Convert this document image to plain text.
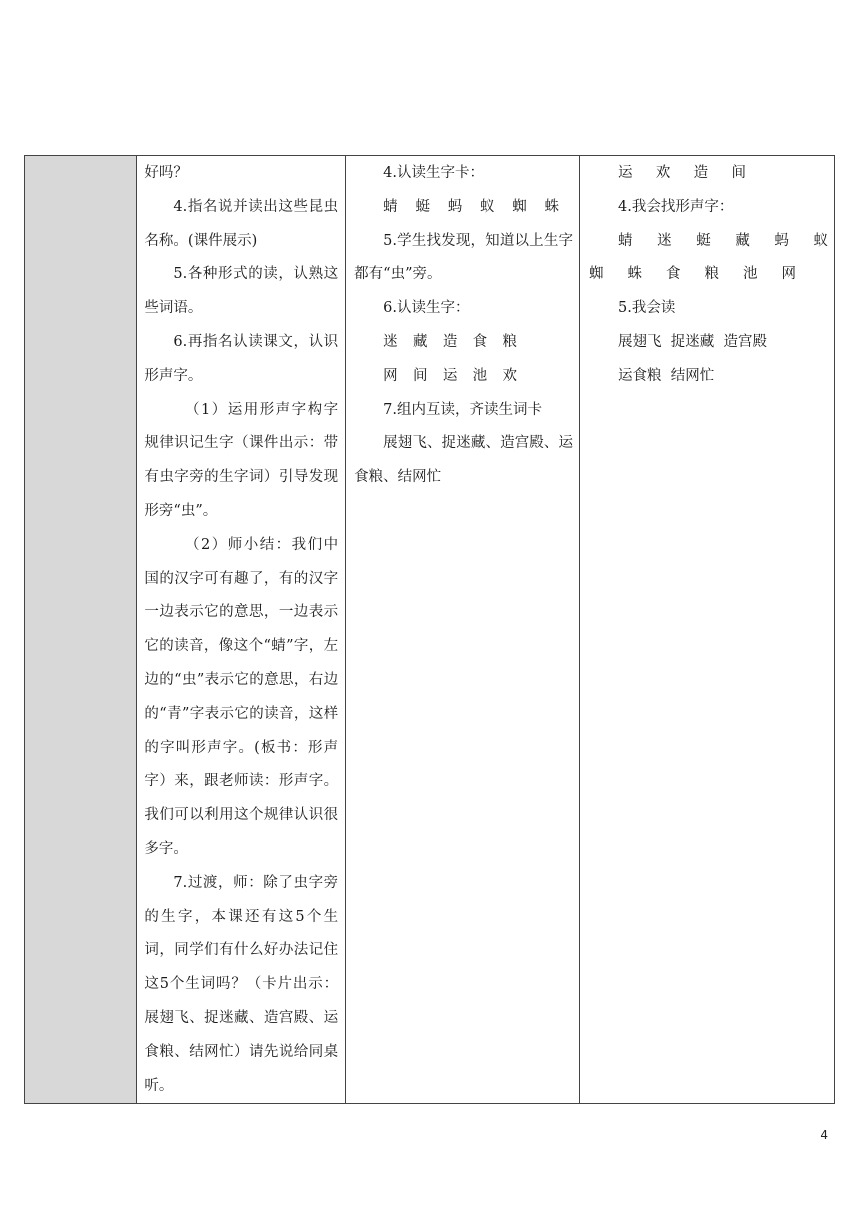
好吗？

4.指名说并读出这些昆虫名称。(课件展示)

5.各种形式的读，认熟这些词语。

6.再指名认读课文，认识形声字。

（1）运用形声字构字规律识记生字（课件出示：带有虫字旁的生字词）引导发现形旁“虫”。

（2）师小结：我们中国的汉字可有趣了，有的汉字一边表示它的意思，一边表示它的读音，像这个“蜻”字，左边的“虫”表示它的意思，右边的“青”字表示它的读音，这样的字叫形声字。(板书：形声字）来，跟老师读：形声字。我们可以利用这个规律认识很多字。

7.过渡，师：除了虫字旁的生字，本课还有这5个生词，同学们有什么好办法记住这5个生词吗？（卡片出示：展翅飞、捉迷藏、造宫殿、运食粮、结网忙）请先说给同桌听。

4.认读生字卡：

蜻 蜓 蚂 蚁 蜘 蛛

5.学生找发现，知道以上生字都有“虫”旁。

6.认读生字：

迷 藏 造 食 粮
网 间 运 池 欢

7.组内互读，齐读生词卡

展翅飞、捉迷藏、造宫殿、运食粮、结网忙

运 欢 造 间

4.我会找形声字：

蜻 迷 蜓 藏 蚂 蚁
蜘 蛛 食 粮 池 网

5.我会读

展翅飞  捉迷藏  造宫殿

运食粮  结网忙

4
